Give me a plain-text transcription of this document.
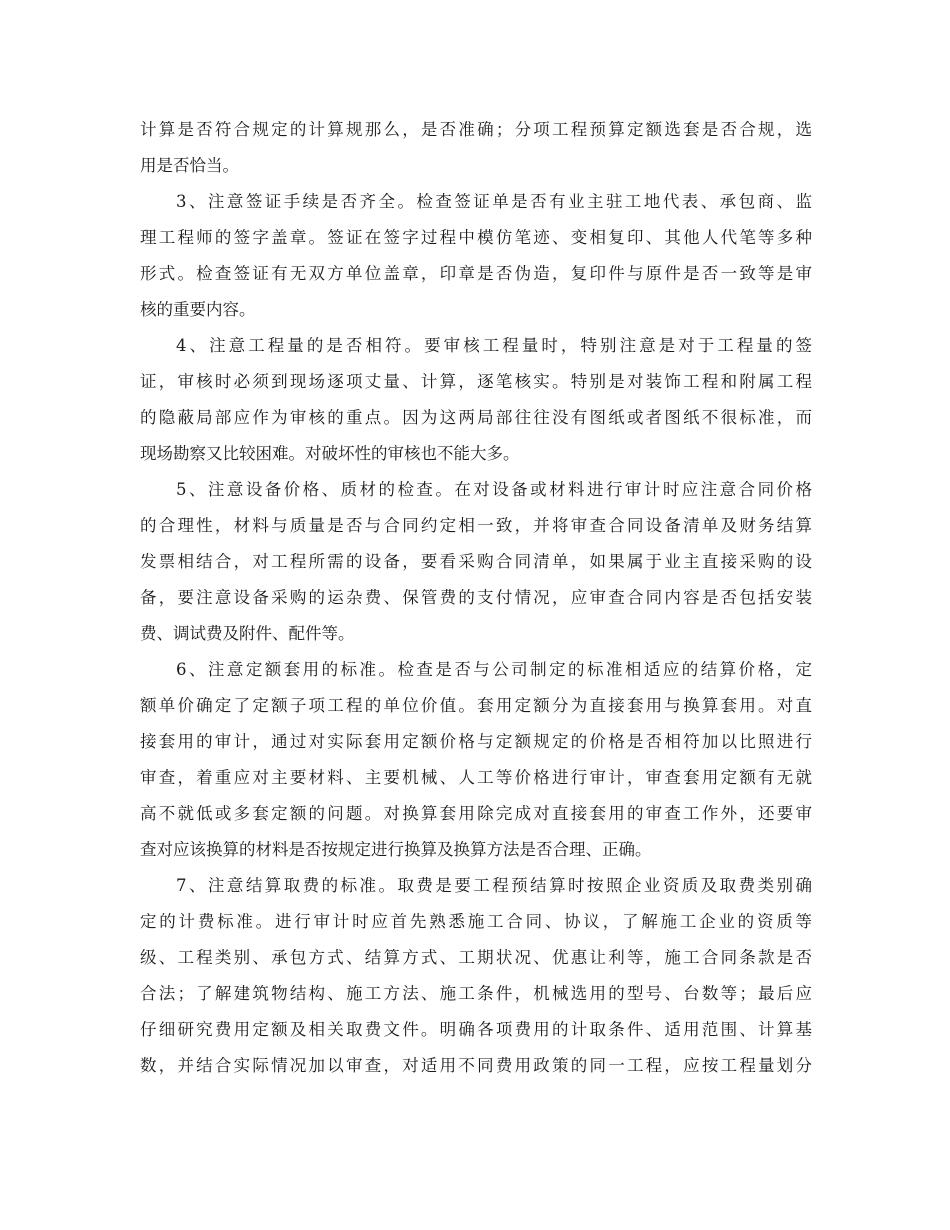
计算是否符合规定的计算规那么，是否准确；分项工程预算定额选套是否合规，选
用是否恰当。
3、注意签证手续是否齐全。检查签证单是否有业主驻工地代表、承包商、监
理工程师的签字盖章。签证在签字过程中模仿笔迹、变相复印、其他人代笔等多种
形式。检查签证有无双方单位盖章，印章是否伪造，复印件与原件是否一致等是审
核的重要内容。
4、注意工程量的是否相符。要审核工程量时，特别注意是对于工程量的签
证，审核时必须到现场逐项丈量、计算，逐笔核实。特别是对装饰工程和附属工程
的隐蔽局部应作为审核的重点。因为这两局部往往没有图纸或者图纸不很标准，而
现场勘察又比较困难。对破坏性的审核也不能大多。
5、注意设备价格、质材的检查。在对设备或材料进行审计时应注意合同价格
的合理性，材料与质量是否与合同约定相一致，并将审查合同设备清单及财务结算
发票相结合，对工程所需的设备，要看采购合同清单，如果属于业主直接采购的设
备，要注意设备采购的运杂费、保管费的支付情况，应审查合同内容是否包括安装
费、调试费及附件、配件等。
6、注意定额套用的标准。检查是否与公司制定的标准相适应的结算价格，定
额单价确定了定额子项工程的单位价值。套用定额分为直接套用与换算套用。对直
接套用的审计，通过对实际套用定额价格与定额规定的价格是否相符加以比照进行
审查，着重应对主要材料、主要机械、人工等价格进行审计，审查套用定额有无就
高不就低或多套定额的问题。对换算套用除完成对直接套用的审查工作外，还要审
查对应该换算的材料是否按规定进行换算及换算方法是否合理、正确。
7、注意结算取费的标准。取费是要工程预结算时按照企业资质及取费类别确
定的计费标准。进行审计时应首先熟悉施工合同、协议，了解施工企业的资质等
级、工程类别、承包方式、结算方式、工期状况、优惠让利等，施工合同条款是否
合法；了解建筑物结构、施工方法、施工条件，机械选用的型号、台数等；最后应
仔细研究费用定额及相关取费文件。明确各项费用的计取条件、适用范围、计算基
数，并结合实际情况加以审查，对适用不同费用政策的同一工程，应按工程量划分
